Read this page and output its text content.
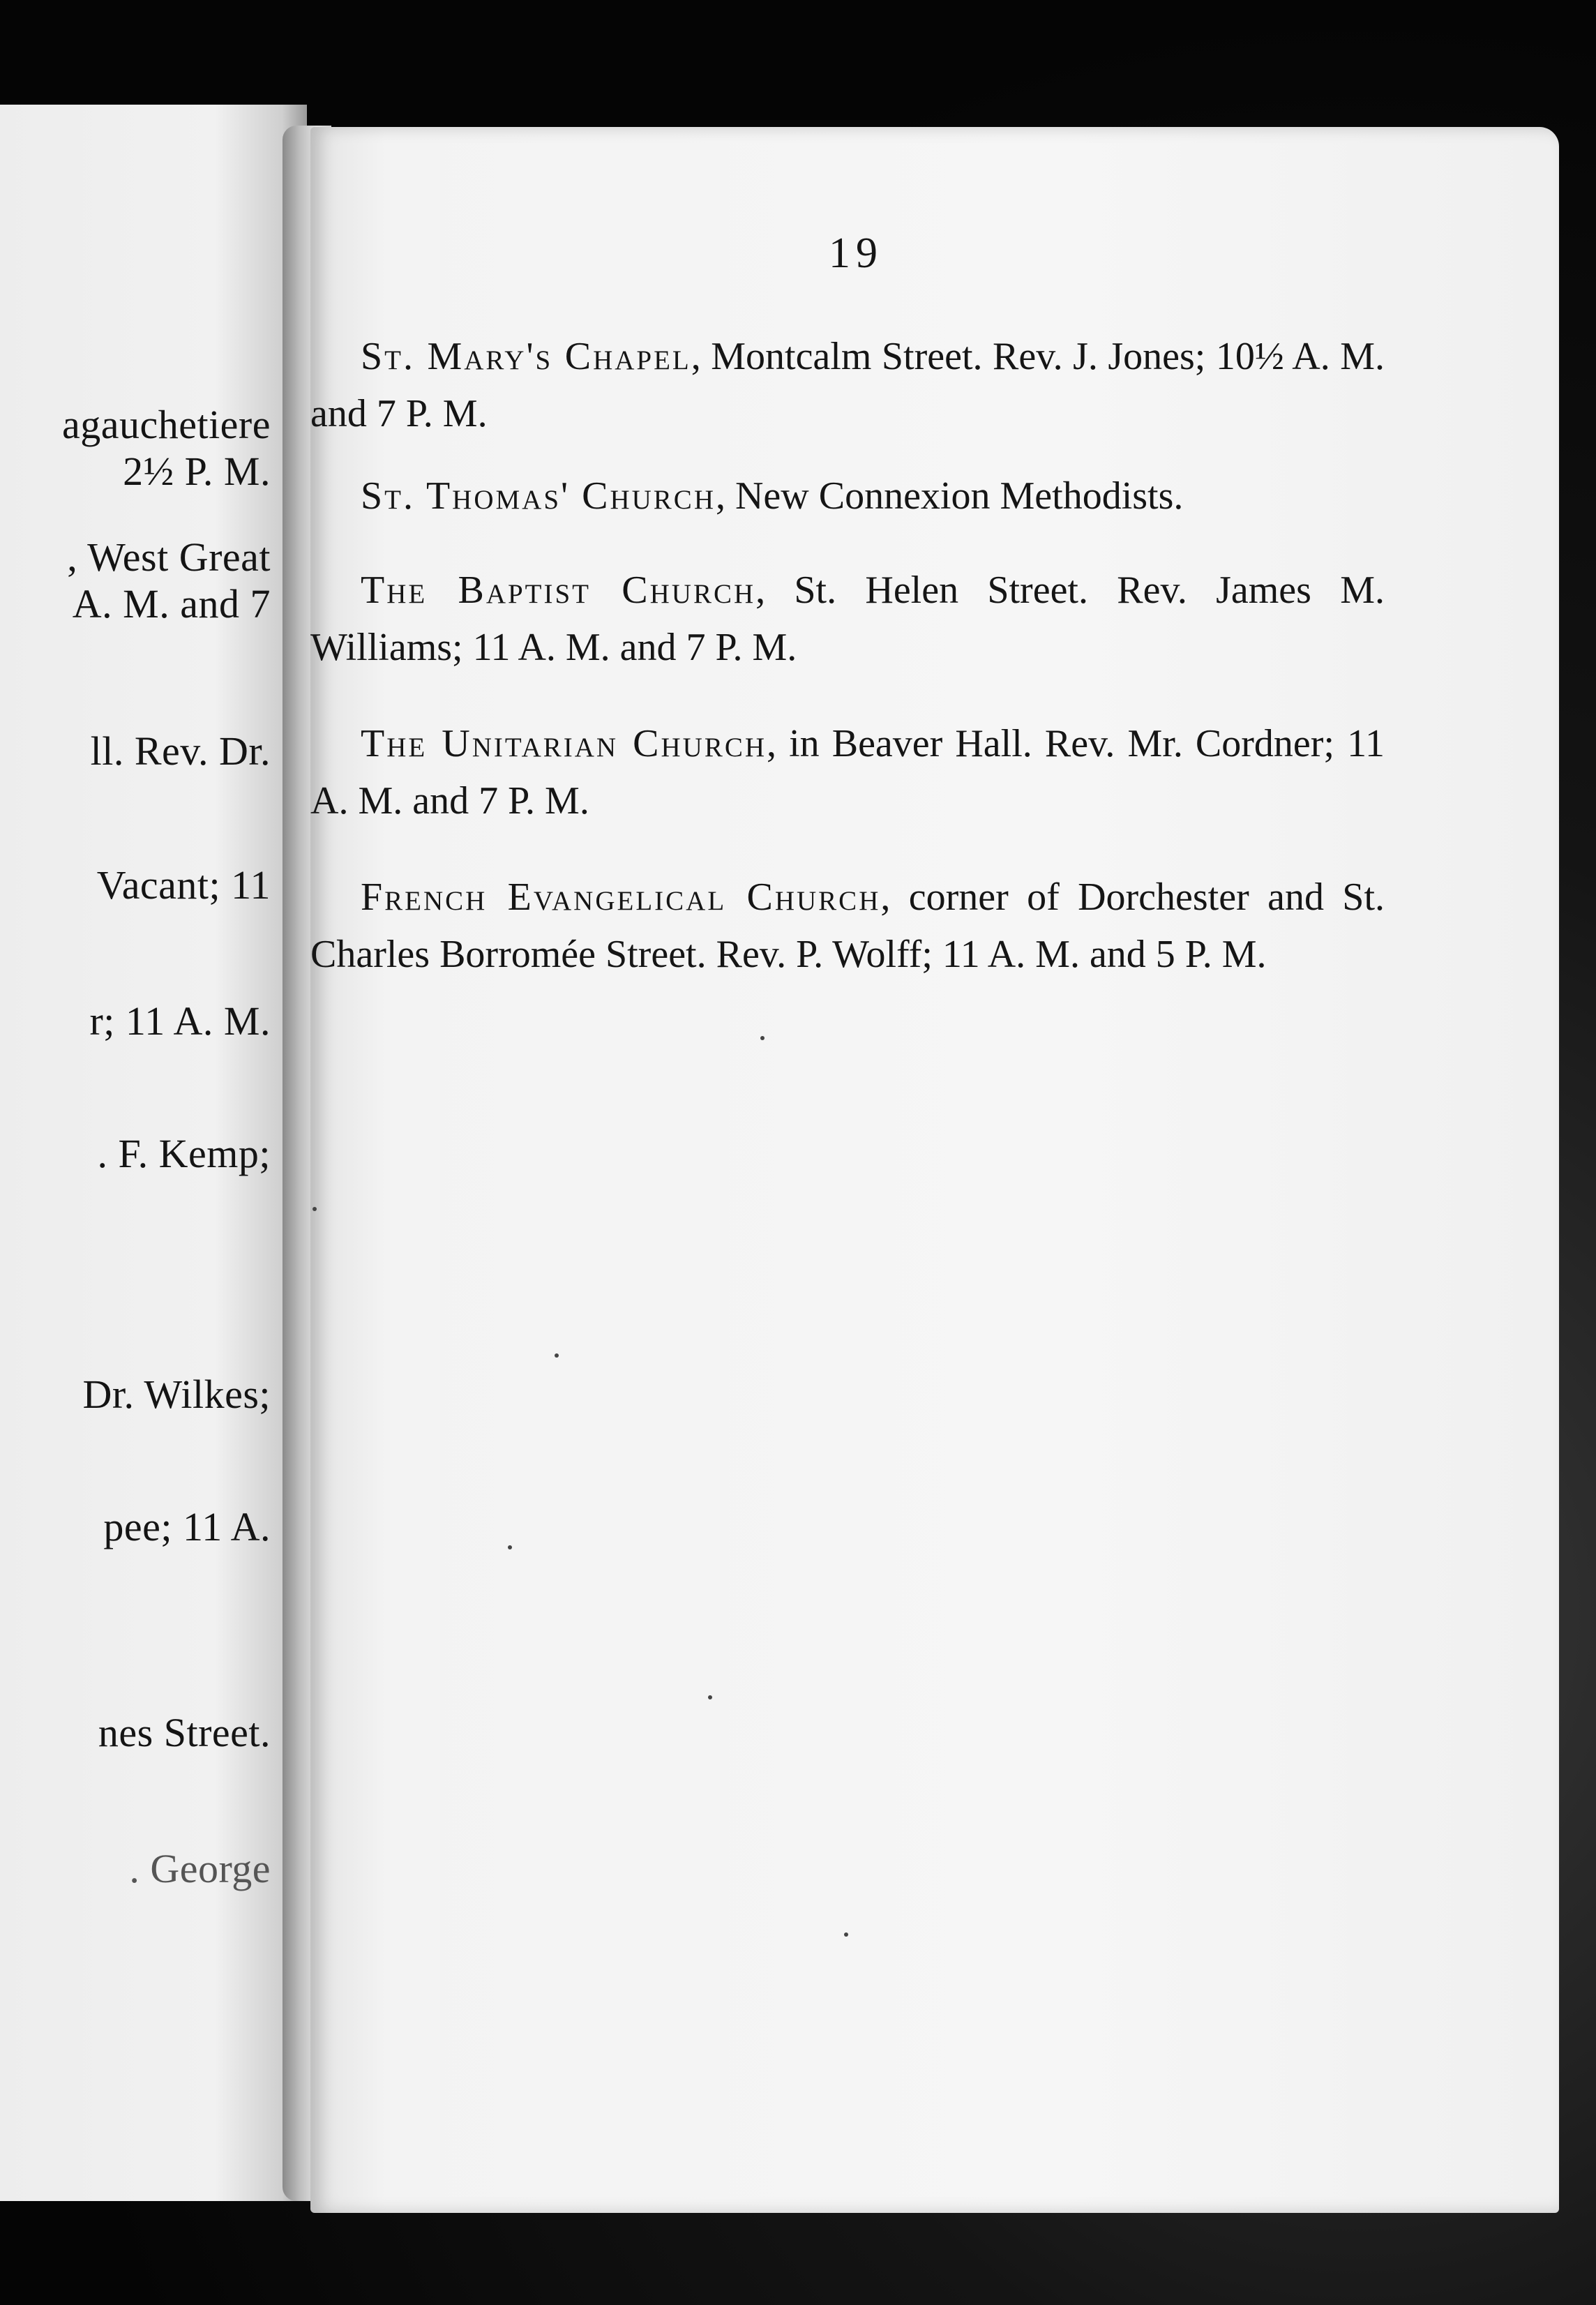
agauchetiere
2½ P. M.
, West Great
A. M. and 7
ll. Rev. Dr.
Vacant; 11
r; 11 A. M.
. F. Kemp;
Dr. Wilkes;
pee; 11 A.
nes Street.
. George
19

St. Mary's Chapel, Montcalm Street. Rev. J. Jones; 10½ A. M. and 7 P. M.

St. Thomas' Church, New Connexion Methodists.

The Baptist Church, St. Helen Street. Rev. James M. Williams; 11 A. M. and 7 P. M.

The Unitarian Church, in Beaver Hall. Rev. Mr. Cordner; 11 A. M. and 7 P. M.

French Evangelical Church, corner of Dorchester and St. Charles Borromée Street. Rev. P. Wolff; 11 A. M. and 5 P. M.
